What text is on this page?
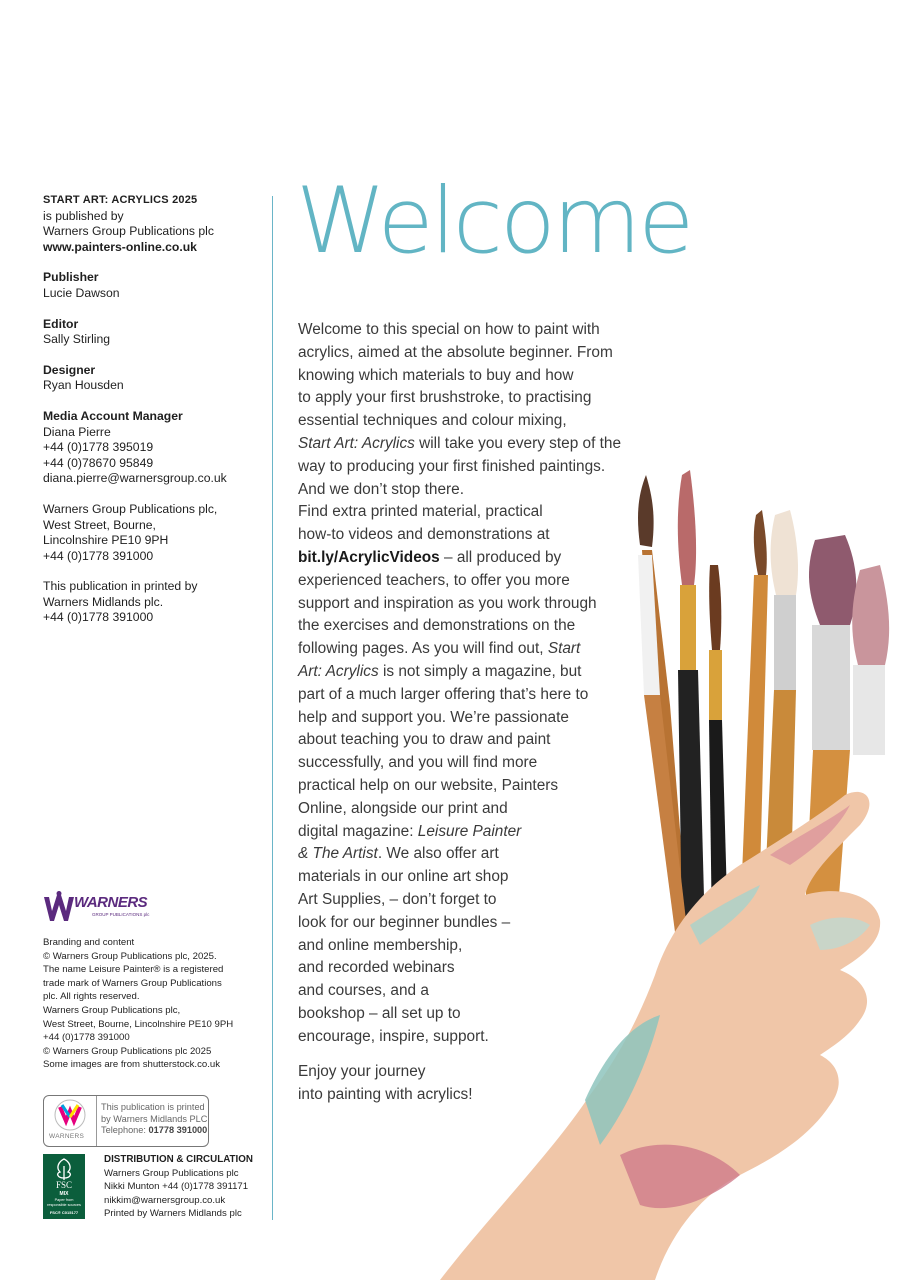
START ART: ACRYLICS 2025
is published by
Warners Group Publications plc
www.painters-online.co.uk
Publisher
Lucie Dawson
Editor
Sally Stirling
Designer
Ryan Housden
Media Account Manager
Diana Pierre
+44 (0)1778 395019
+44 (0)78670 95849
diana.pierre@warnersgroup.co.uk
Warners Group Publications plc,
West Street, Bourne,
Lincolnshire PE10 9PH
+44 (0)1778 391000
This publication in printed by
Warners Midlands plc.
+44 (0)1778 391000
WARNERS
GROUP PUBLICATIONS plc
Branding and content
© Warners Group Publications plc, 2025.
The name Leisure Painter® is a registered
trade mark of Warners Group Publications
plc. All rights reserved.
Warners Group Publications plc,
West Street, Bourne, Lincolnshire PE10 9PH
+44 (0)1778 391000
© Warners Group Publications plc 2025
Some images are from shutterstock.co.uk
WARNERS
This publication is printed
by Warners Midlands PLC
Telephone: 01778 391000
FSC
MIX
Paper from
responsible sources
FSC® C015177
DISTRIBUTION & CIRCULATION
Warners Group Publications plc
Nikki Munton +44 (0)1778 391171
nikkim@warnersgroup.co.uk
Printed by Warners Midlands plc
Welcome
Welcome to this special on how to paint with
acrylics, aimed at the absolute beginner. From
knowing which materials to buy and how
to apply your first brushstroke, to practising
essential techniques and colour mixing,
Start Art: Acrylics will take you every step of the
way to producing your first finished paintings.
And we don’t stop there.
Find extra printed material, practical
how-to videos and demonstrations at
bit.ly/AcrylicVideos – all produced by
experienced teachers, to offer you more
support and inspiration as you work through
the exercises and demonstrations on the
following pages. As you will find out, Start
Art: Acrylics is not simply a magazine, but
part of a much larger offering that’s here to
help and support you. We’re passionate
about teaching you to draw and paint
successfully, and you will find more
practical help on our website, Painters
Online, alongside our print and
digital magazine: Leisure Painter
& The Artist. We also offer art
materials in our online art shop
Art Supplies, – don’t forget to
look for our beginner bundles –
and online membership,
and recorded webinars
and courses, and a
bookshop – all set up to
encourage, inspire, support.
Enjoy your journey
into painting with acrylics!
